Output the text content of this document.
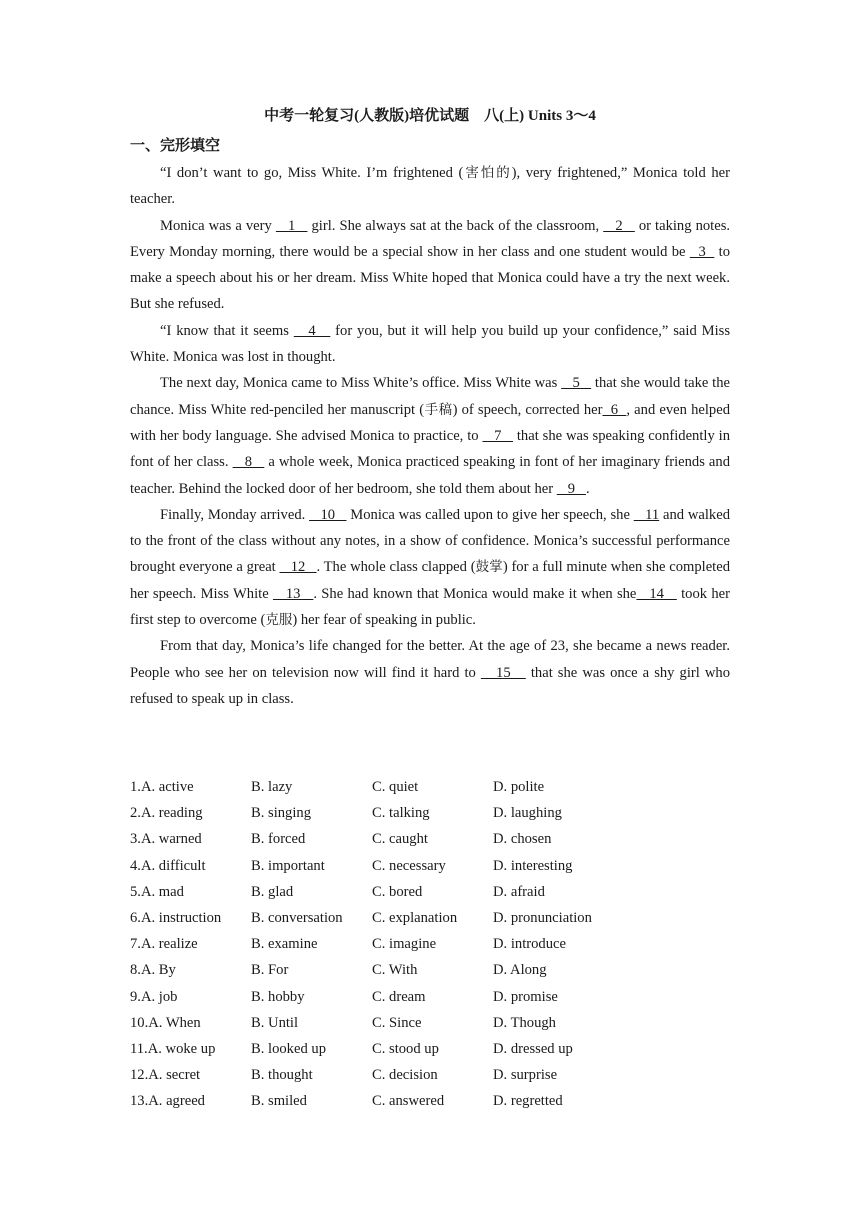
中考一轮复习(人教版)培优试题　八(上) Units 3～4
一、完形填空

“I don’t want to go, Miss White. I’m frightened (害怕的), very frightened,” Monica told her teacher.

Monica was a very    1    girl. She always sat at the back of the classroom,    2    or taking notes. Every Monday morning, there would be a special show in her class and one student would be   3   to make a speech about his or her dream. Miss White hoped that Monica could have a try the next week. But she refused.

“I know that it seems    4    for you, but it will help you build up your confidence,” said Miss White. Monica was lost in thought.

The next day, Monica came to Miss White’s office. Miss White was    5    that she would take the chance. Miss White red-penciled her manuscript (手稿) of speech, corrected her  6  , and even helped with her body language. She advised Monica to practice, to    7    that she was speaking confidently in font of her class.    8    a whole week, Monica practiced speaking in font of her imaginary friends and teacher. Behind the locked door of her bedroom, she told them about her    9   .

Finally, Monday arrived.    10    Monica was called upon to give her speech, she    11 and walked to the front of the class without any notes, in a show of confidence. Monica’s successful performance brought everyone a great    12   . The whole class clapped (鼓掌) for a full minute when she completed her speech. Miss White    13   . She had known that Monica would make it when she   14    took her first step to overcome (克服) her fear of speaking in public.

From that day, Monica’s life changed for the better. At the age of 23, she became a news reader. People who see her on television now will find it hard to    15    that she was once a shy girl who refused to speak up in class.

1.A. active	B. lazy	C. quiet	D. polite
2.A. reading	B. singing	C. talking	D. laughing
3.A. warned	B. forced	C. caught	D. chosen
4.A. difficult	B. important	C. necessary	D. interesting
5.A. mad	B. glad	C. bored	D. afraid
6.A. instruction	B. conversation	C. explanation	D. pronunciation
7.A. realize	B. examine	C. imagine	D. introduce
8.A. By	B. For	C. With	D. Along
9.A. job	B. hobby	C. dream	D. promise
10.A. When	B. Until	C. Since	D. Though
11.A. woke up	B. looked up	C. stood up	D. dressed up
12.A. secret	B. thought	C. decision	D. surprise
13.A. agreed	B. smiled	C. answered	D. regretted
